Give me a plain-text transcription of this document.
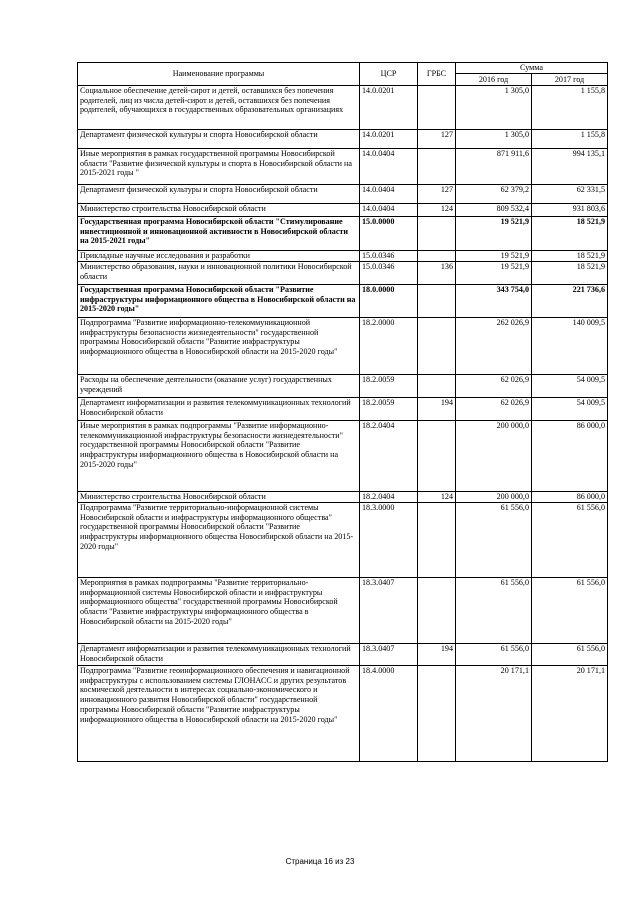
Наименование программы	ЦСР	ГРБС	Сумма	
			2016 год	2017 год
Социальное обеспечение детей-сирот и детей, оставшихся без попечения родителей, лиц из числа детей-сирот и детей, оставшихся без попечения родителей, обучающихся в государственных образовательных организациях	14.0.0201		1 305,0	1 155,8
Департамент физической культуры и спорта Новосибирской области	14.0.0201	127	1 305,0	1 155,8
Иные мероприятия в рамках государственной программы Новосибирской области "Развитие физической культуры и спорта в Новосибирской области на 2015-2021 годы "	14.0.0404		871 911,6	994 135,1
Департамент физической культуры и спорта Новосибирской области	14.0.0404	127	62 379,2	62 331,5
Министерство строительства Новосибирской области	14.0.0404	124	809 532,4	931 803,6
Государственная программа Новосибирской области "Стимулирование инвестиционной и инновационной активности в Новосибирской области на 2015-2021 годы"	15.0.0000		19 521,9	18 521,9
Прикладные научные исследования и разработки	15.0.0346		19 521,9	18 521,9
Министерство образования, науки и инновационной политики Новосибирской области	15.0.0346	136	19 521,9	18 521,9
Государственная программа Новосибирской области "Развитие инфраструктуры информационного общества в Новосибирской области на 2015-2020 годы"	18.0.0000		343 754,0	221 736,6
Подпрограмма "Развитие информационно-телекоммуникационной инфраструктуры безопасности жизнедеятельности" государственной программы Новосибирской области "Развитие инфраструктуры информационного общества в Новосибирской области на 2015-2020 годы"	18.2.0000		262 026,9	140 009,5
Расходы на обеспечение деятельности (оказание услуг) государственных учреждений	18.2.0059		62 026,9	54 009,5
Департамент информатизации и развития телекоммуникационных технологий Новосибирской области	18.2.0059	194	62 026,9	54 009,5
Иные мероприятия в рамках подпрограммы "Развитие информационно-телекоммуникационной инфраструктуры безопасности жизнедеятельности" государственной программы Новосибирской области "Развитие инфраструктуры информационного общества в Новосибирской области на 2015-2020 годы"	18.2.0404		200 000,0	86 000,0
Министерство строительства Новосибирской области	18.2.0404	124	200 000,0	86 000,0
Подпрограмма "Развитие территориально-информационной системы Новосибирской области и инфраструктуры информационного общества" государственной программы Новосибирской области "Развитие инфраструктуры информационного общества Новосибирской области на 2015-2020 годы"	18.3.0000		61 556,0	61 556,0
Мероприятия в рамках подпрограммы "Развитие территориально-информационной системы Новосибирской области и инфраструктуры информационного общества" государственной программы Новосибирской области "Развитие инфраструктуры информационного общества в Новосибирской области на 2015-2020 годы"	18.3.0407		61 556,0	61 556,0
Департамент информатизации и развития телекоммуникационных технологий Новосибирской области	18.3.0407	194	61 556,0	61 556,0
Подпрограмма "Развитие геоинформационного обеспечения и навигационной инфраструктуры с использованием системы ГЛОНАСС и других результатов космической деятельности в интересах социально-экономического и инновационного развития Новосибирской области" государственной программы Новосибирской области "Развитие инфраструктуры информационного общества в Новосибирской области на 2015-2020 годы"	18.4.0000		20 171,1	20 171,1
Страница 16 из 23
